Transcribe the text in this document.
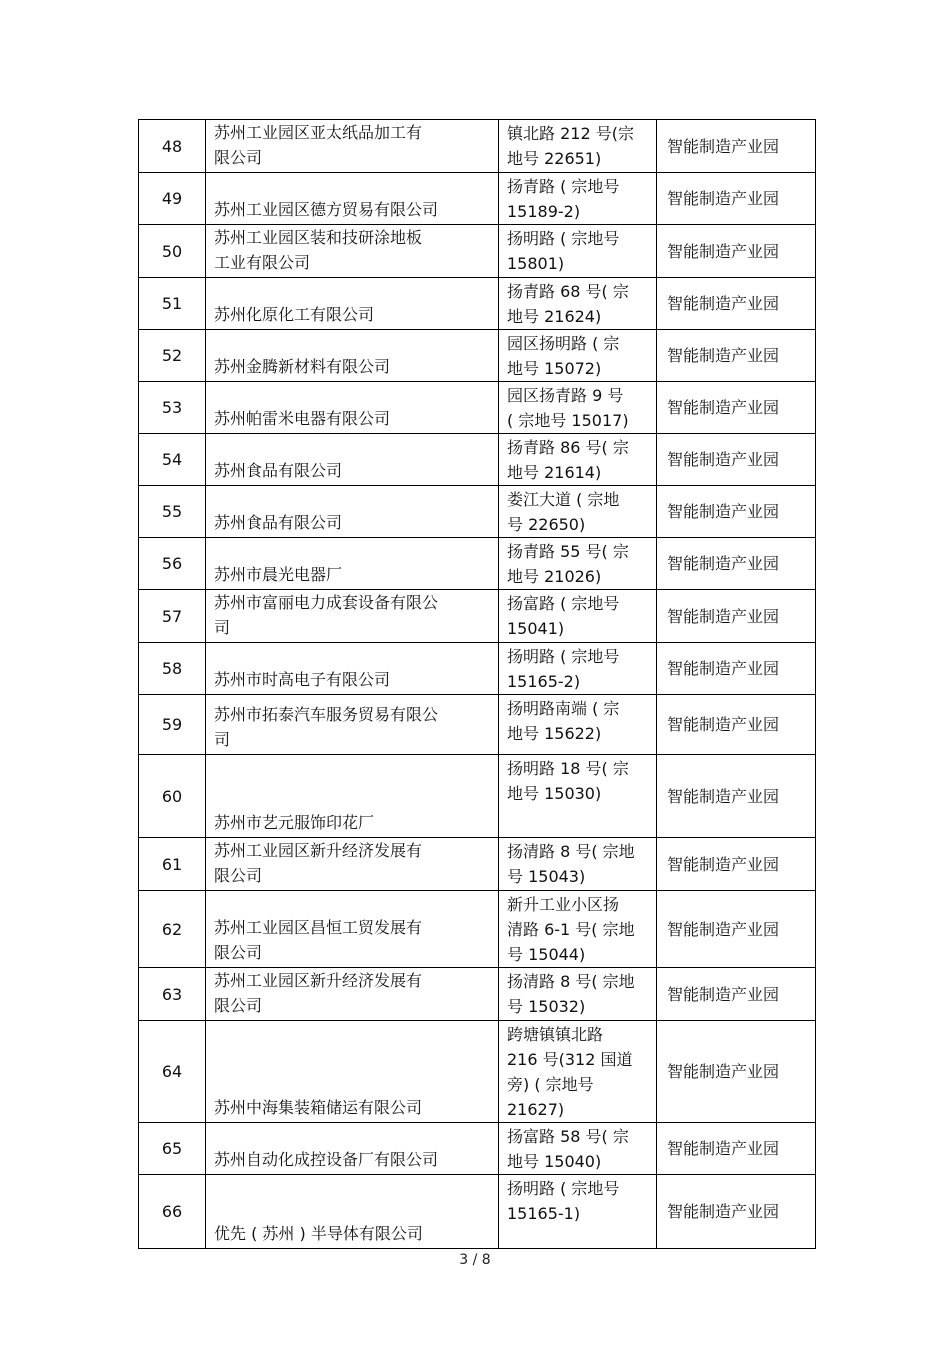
48	苏州工业园区亚太纸品加工有
限公司	镇北路 212 号(宗
地号 22651)	智能制造产业园
49	苏州工业园区德方贸易有限公司	扬青路 ( 宗地号
15189-2)	智能制造产业园
50	苏州工业园区装和技研涂地板
工业有限公司	扬明路 ( 宗地号
15801)	智能制造产业园
51	苏州化原化工有限公司	扬青路 68 号( 宗
地号 21624)	智能制造产业园
52	苏州金腾新材料有限公司	园区扬明路 ( 宗
地号 15072)	智能制造产业园
53	苏州帕雷米电器有限公司	园区扬青路 9 号
( 宗地号 15017)	智能制造产业园
54	苏州食品有限公司	扬青路 86 号( 宗
地号 21614)	智能制造产业园
55	苏州食品有限公司	娄江大道 ( 宗地
号 22650)	智能制造产业园
56	苏州市晨光电器厂	扬青路 55 号( 宗
地号 21026)	智能制造产业园
57	苏州市富丽电力成套设备有限公
司	扬富路 ( 宗地号
15041)	智能制造产业园
58	苏州市时高电子有限公司	扬明路 ( 宗地号
15165-2)	智能制造产业园
59	苏州市拓泰汽车服务贸易有限公
司	扬明路南端 ( 宗
地号 15622)	智能制造产业园
60	苏州市艺元服饰印花厂	扬明路 18 号( 宗
地号 15030)	智能制造产业园
61	苏州工业园区新升经济发展有
限公司	扬清路 8 号( 宗地
号 15043)	智能制造产业园
62	苏州工业园区昌恒工贸发展有
限公司	新升工业小区扬
清路 6-1 号( 宗地
号 15044)	智能制造产业园
63	苏州工业园区新升经济发展有
限公司	扬清路 8 号( 宗地
号 15032)	智能制造产业园
64	苏州中海集装箱储运有限公司	跨塘镇镇北路
216 号(312 国道
旁) ( 宗地号
21627)	智能制造产业园
65	苏州自动化成控设备厂有限公司	扬富路 58 号( 宗
地号 15040)	智能制造产业园
66	优先 ( 苏州 ) 半导体有限公司	扬明路 ( 宗地号
15165-1)	智能制造产业园
3 / 8
